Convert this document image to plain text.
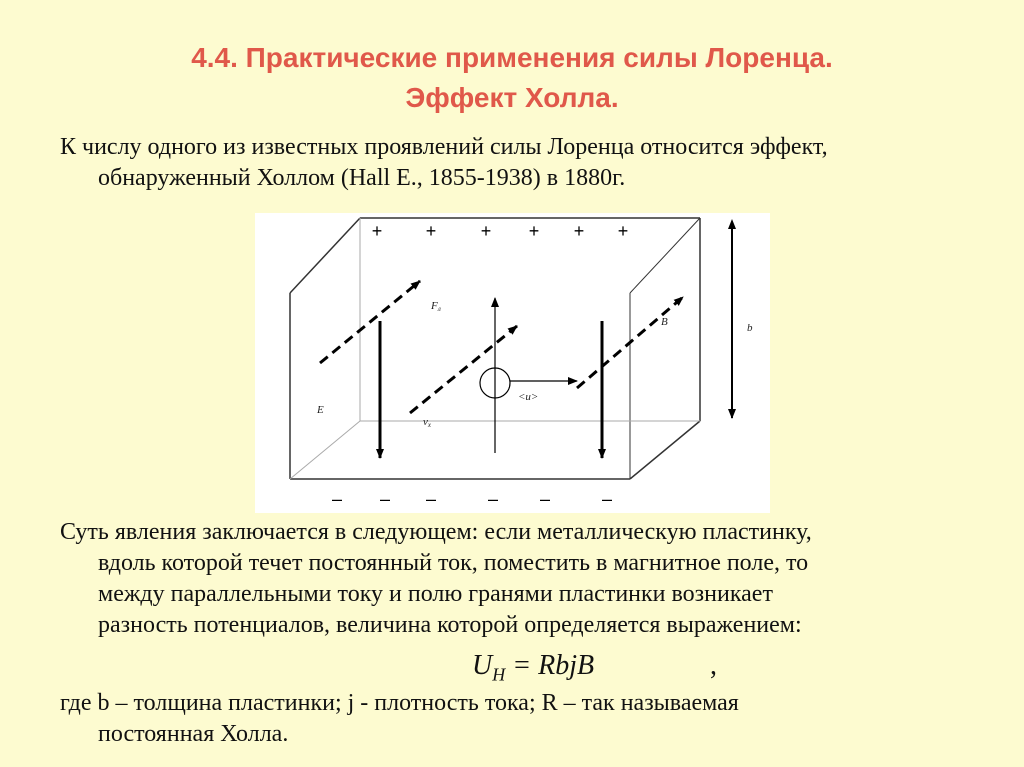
4.4. Практические применения силы Лоренца.
Эффект Холла.
К числу одного из известных проявлений силы Лоренца относится эффект,
обнаруженный Холлом (Hall E., 1855-1938) в 1880г.
+ + + + + +
– – –	– –	–
Fл
B
E
vx
<u>
b
Суть явления заключается в следующем: если металлическую пластинку,
вдоль которой течет постоянный ток, поместить в магнитное поле, то
между параллельными току и полю гранями пластинки возникает
разность потенциалов, величина которой определяется выражением:
$U_H$ = RbjB	,
где b – толщина пластинки; j - плотность тока; R – так называемая
постоянная Холла.
